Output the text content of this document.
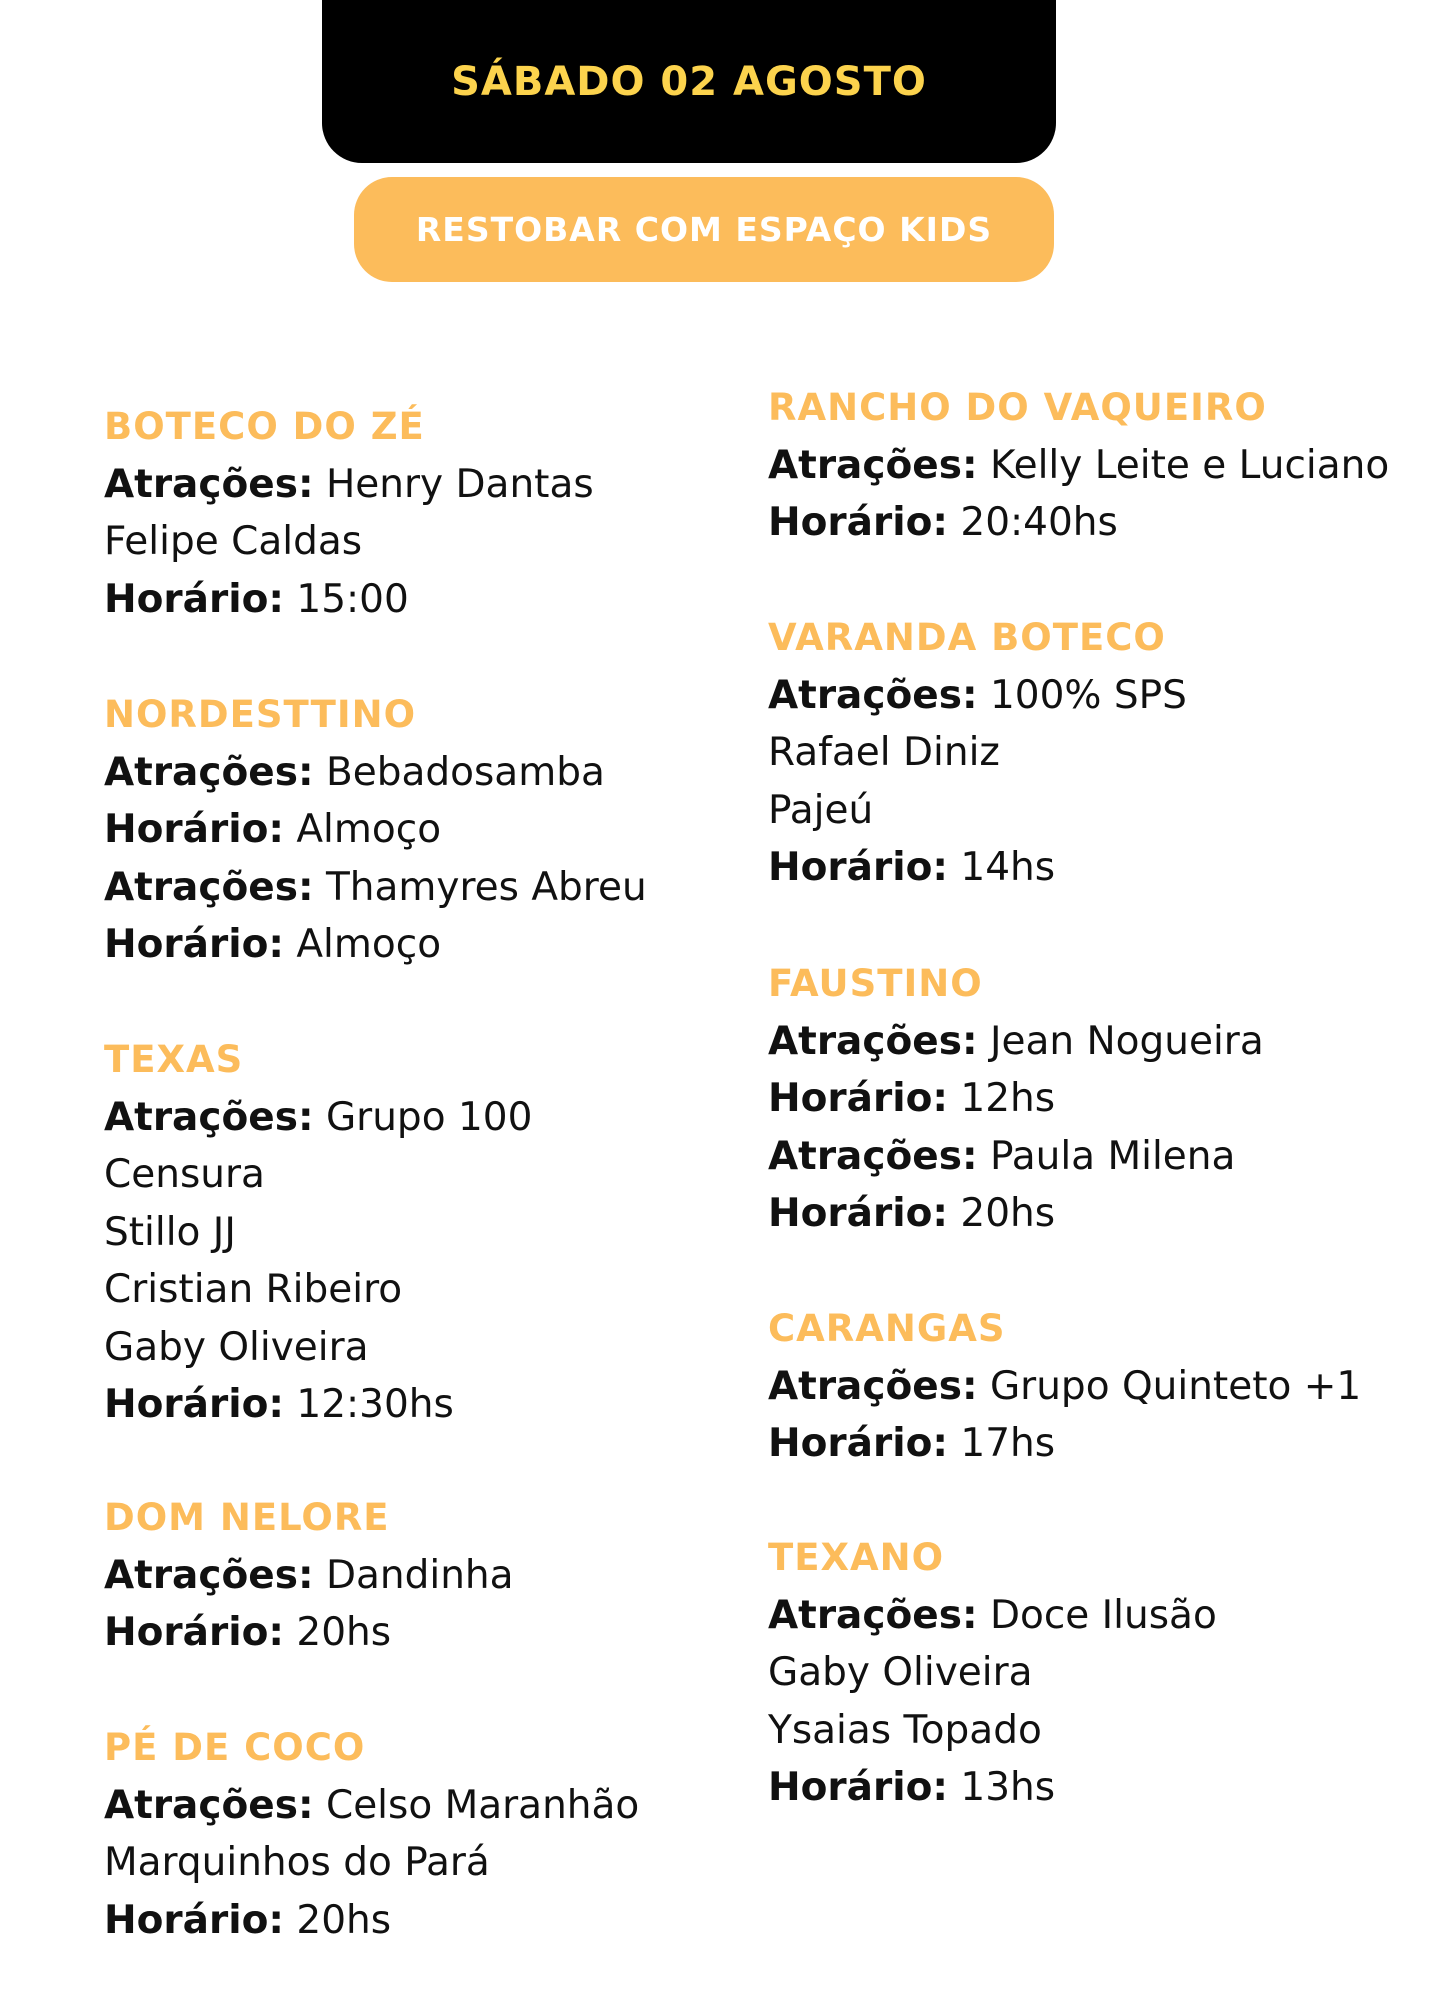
SÁBADO 02 AGOSTO
RESTOBAR COM ESPAÇO KIDS
BOTECO DO ZÉ
Atrações: Henry Dantas
Felipe Caldas
Horário: 15:00
NORDESTTINO
Atrações: Bebadosamba
Horário: Almoço
Atrações: Thamyres Abreu
Horário: Almoço
TEXAS
Atrações: Grupo 100
Censura
Stillo JJ
Cristian Ribeiro
Gaby Oliveira
Horário: 12:30hs
DOM NELORE
Atrações: Dandinha
Horário: 20hs
PÉ DE COCO
Atrações: Celso Maranhão
Marquinhos do Pará
Horário: 20hs
RANCHO DO VAQUEIRO
Atrações: Kelly Leite e Luciano
Horário: 20:40hs
VARANDA BOTECO
Atrações: 100% SPS
Rafael Diniz
Pajeú
Horário: 14hs
FAUSTINO
Atrações: Jean Nogueira
Horário: 12hs
Atrações: Paula Milena
Horário: 20hs
CARANGAS
Atrações: Grupo Quinteto +1
Horário: 17hs
TEXANO
Atrações: Doce Ilusão
Gaby Oliveira
Ysaias Topado
Horário: 13hs
